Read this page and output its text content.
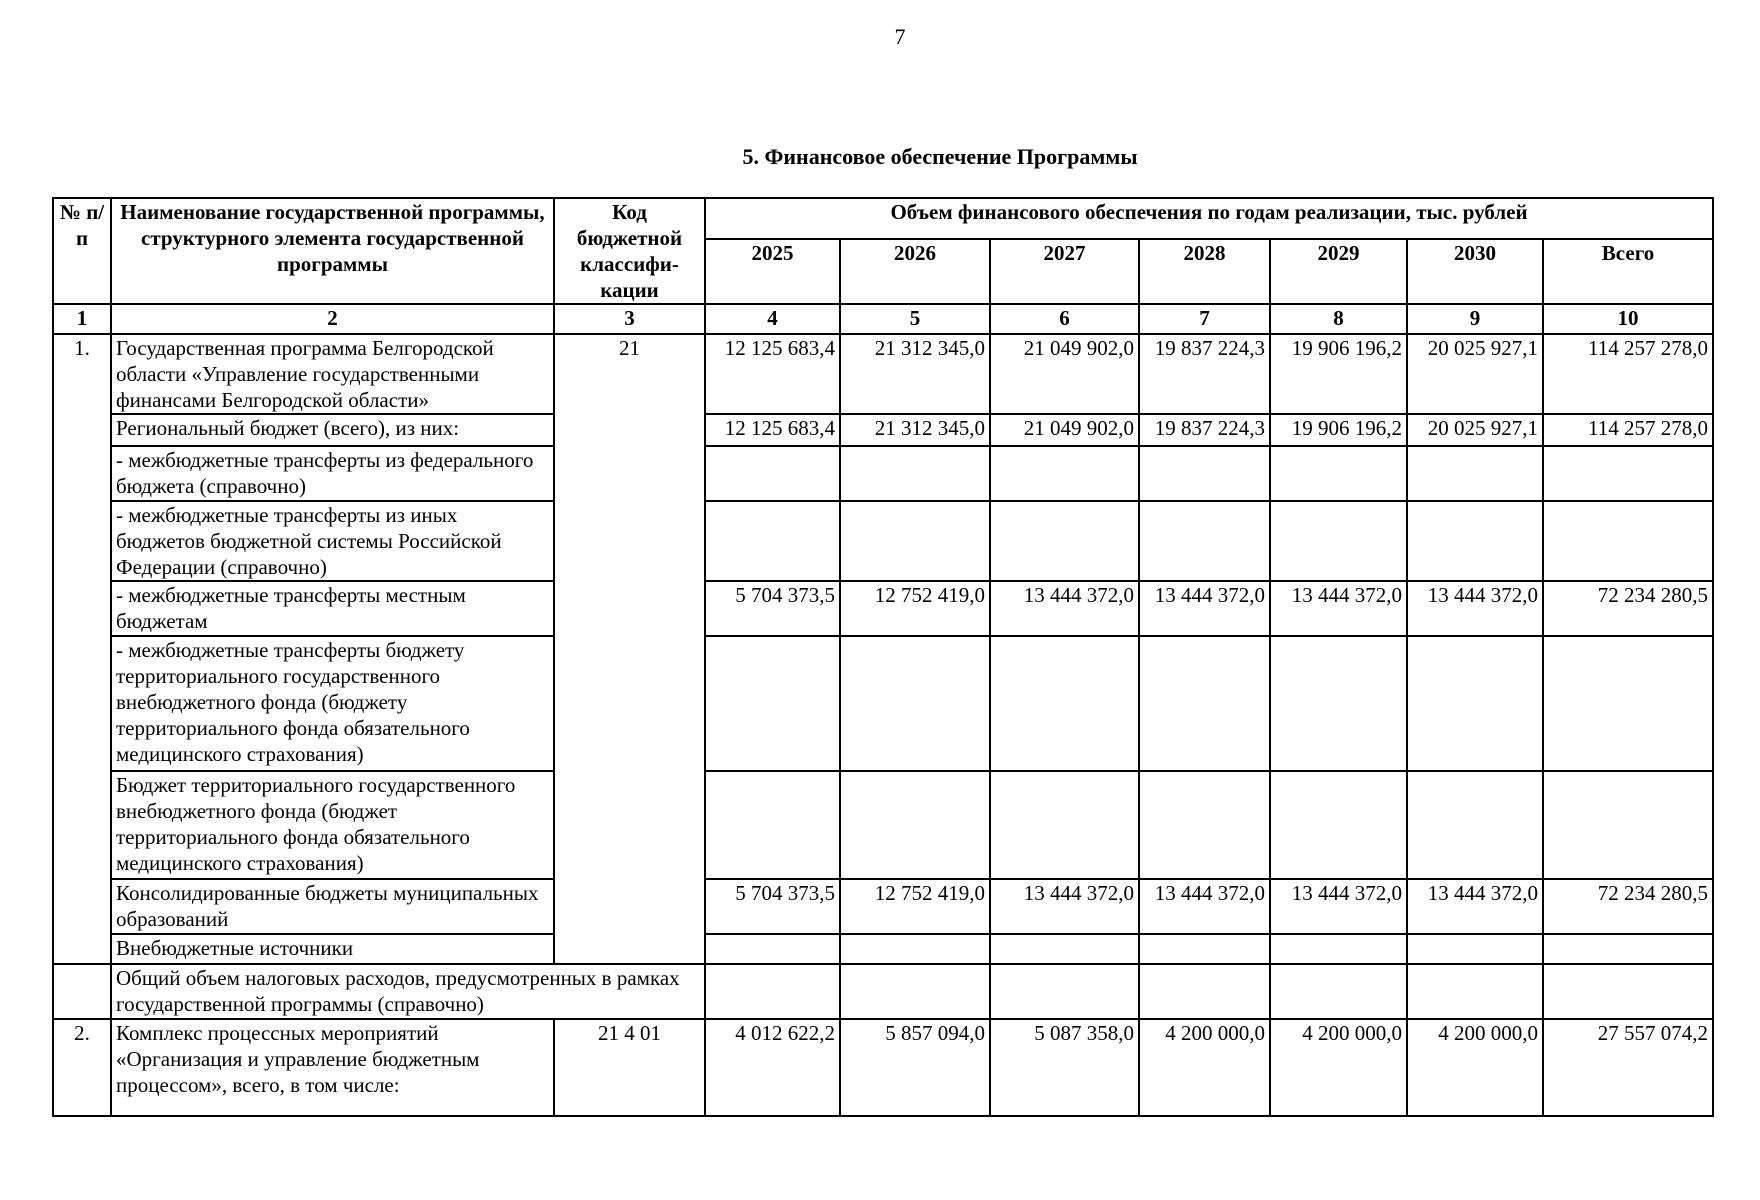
7
5. Финансовое обеспечение Программы
№ п/п	Наименование государственной программы, структурного элемента государственной программы	Код бюджетной классифи-кации	Объем финансового обеспечения по годам реализации, тыс. рублей						
			2025	2026	2027	2028	2029	2030	Всего
1	2	3	4	5	6	7	8	9	10
1.	Государственная программа Белгородской области «Управление государственными финансами Белгородской области»	21	12 125 683,4	21 312 345,0	21 049 902,0	19 837 224,3	19 906 196,2	20 025 927,1	114 257 278,0
	Региональный бюджет (всего), из них:		12 125 683,4	21 312 345,0	21 049 902,0	19 837 224,3	19 906 196,2	20 025 927,1	114 257 278,0
	- межбюджетные трансферты из федерального бюджета (справочно)								
	- межбюджетные трансферты из иных бюджетов бюджетной системы Российской Федерации (справочно)								
	- межбюджетные трансферты местным бюджетам		5 704 373,5	12 752 419,0	13 444 372,0	13 444 372,0	13 444 372,0	13 444 372,0	72 234 280,5
	- межбюджетные трансферты бюджету территориального государственного внебюджетного фонда (бюджету территориального фонда обязательного медицинского страхования)								
	Бюджет территориального государственного внебюджетного фонда (бюджет территориального фонда обязательного медицинского страхования)								
	Консолидированные бюджеты муниципальных образований		5 704 373,5	12 752 419,0	13 444 372,0	13 444 372,0	13 444 372,0	13 444 372,0	72 234 280,5
	Внебюджетные источники								
	Общий объем налоговых расходов, предусмотренных в рамках государственной программы (справочно)								
2.	Комплекс процессных мероприятий «Организация и управление бюджетным процессом», всего, в том числе:	21 4 01	4 012 622,2	5 857 094,0	5 087 358,0	4 200 000,0	4 200 000,0	4 200 000,0	27 557 074,2
